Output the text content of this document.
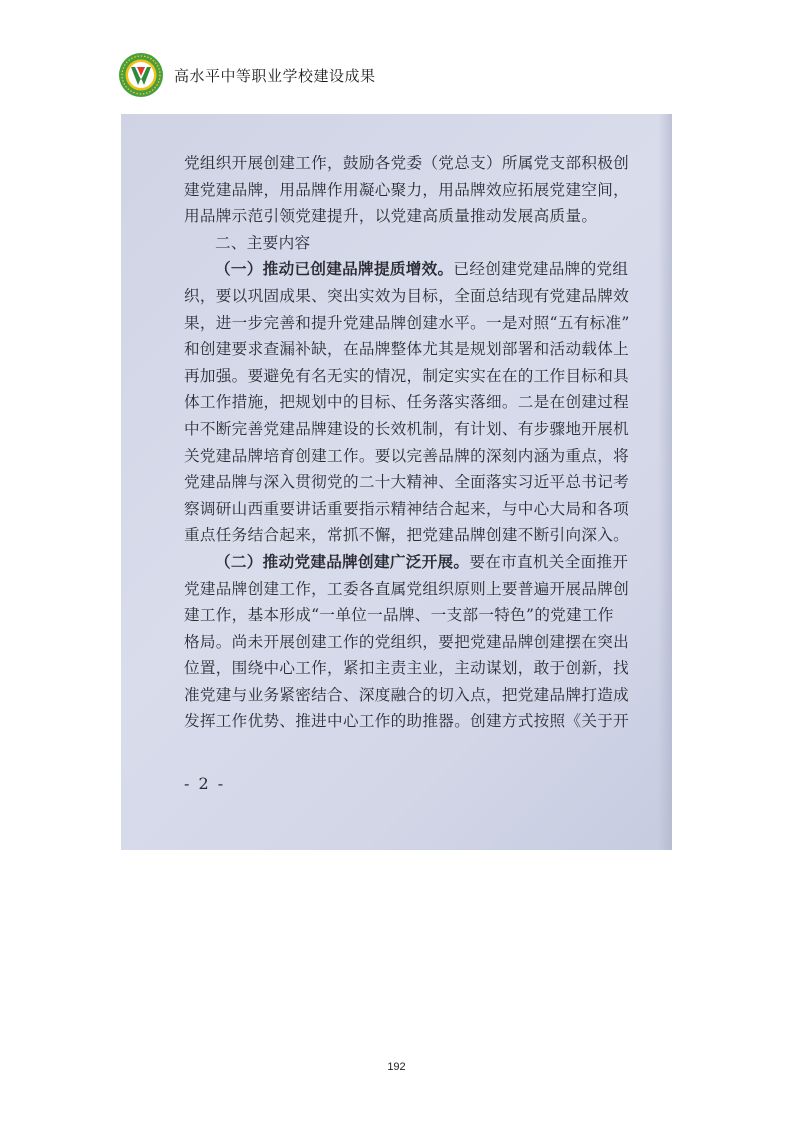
高水平中等职业学校建设成果
党组织开展创建工作，鼓励各党委（党总支）所属党支部积极创
建党建品牌，用品牌作用凝心聚力，用品牌效应拓展党建空间，
用品牌示范引领党建提升，以党建高质量推动发展高质量。
二、主要内容
（一）推动已创建品牌提质增效。已经创建党建品牌的党组
织，要以巩固成果、突出实效为目标，全面总结现有党建品牌效
果，进一步完善和提升党建品牌创建水平。一是对照“五有标准”
和创建要求查漏补缺，在品牌整体尤其是规划部署和活动载体上
再加强。要避免有名无实的情况，制定实实在在的工作目标和具
体工作措施，把规划中的目标、任务落实落细。二是在创建过程
中不断完善党建品牌建设的长效机制，有计划、有步骤地开展机
关党建品牌培育创建工作。要以完善品牌的深刻内涵为重点，将
党建品牌与深入贯彻党的二十大精神、全面落实习近平总书记考
察调研山西重要讲话重要指示精神结合起来，与中心大局和各项
重点任务结合起来，常抓不懈，把党建品牌创建不断引向深入。
（二）推动党建品牌创建广泛开展。要在市直机关全面推开
党建品牌创建工作，工委各直属党组织原则上要普遍开展品牌创
建工作，基本形成“一单位一品牌、一支部一特色”的党建工作
格局。尚未开展创建工作的党组织，要把党建品牌创建摆在突出
位置，围绕中心工作，紧扣主责主业，主动谋划，敢于创新，找
准党建与业务紧密结合、深度融合的切入点，把党建品牌打造成
发挥工作优势、推进中心工作的助推器。创建方式按照《关于开
- 2 -
192
